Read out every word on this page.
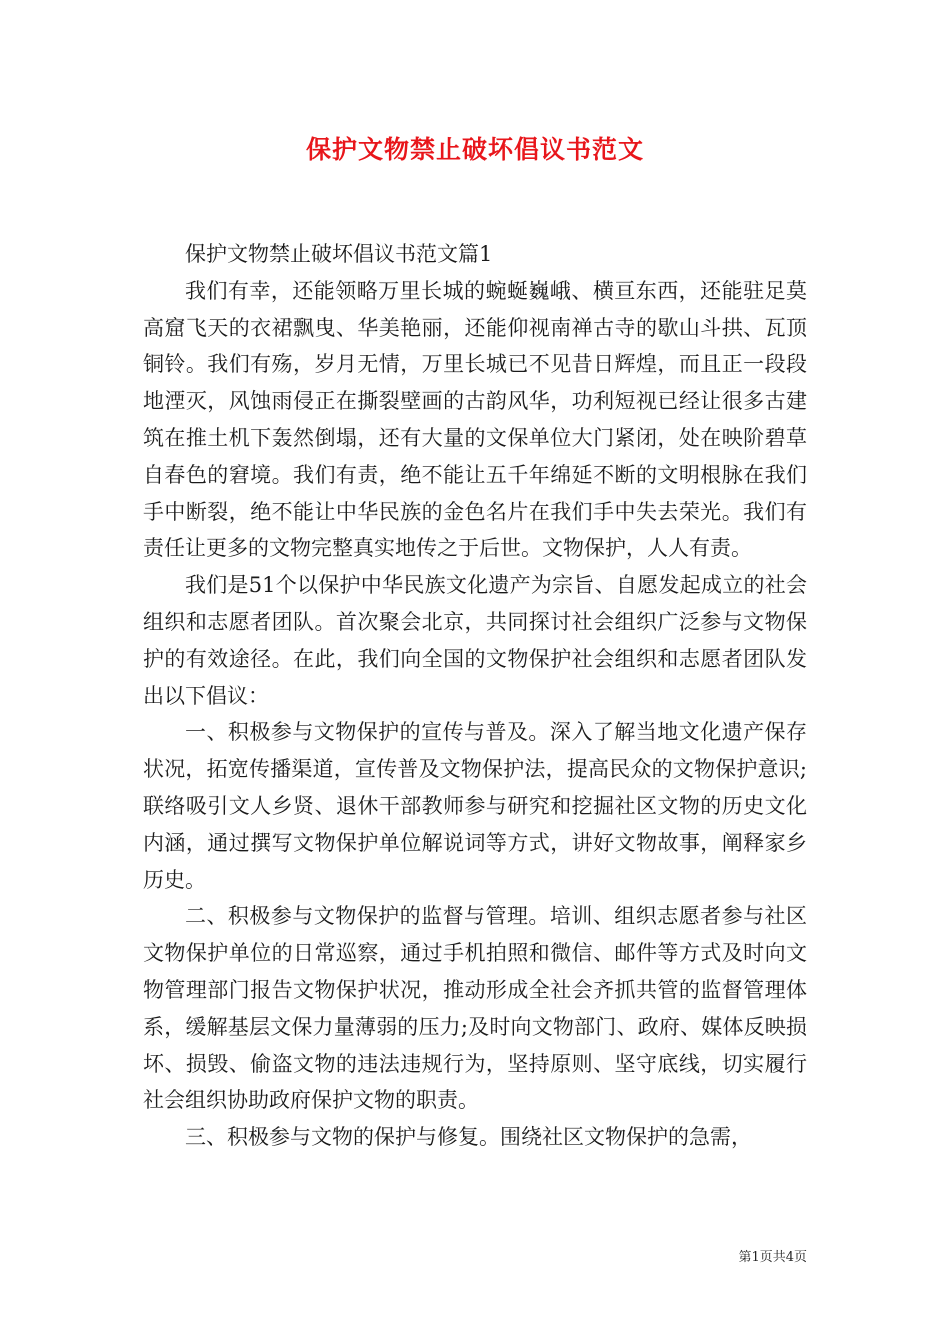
保护文物禁止破坏倡议书范文

保护文物禁止破坏倡议书范文篇1

我们有幸，还能领略万里长城的蜿蜒巍峨、横亘东西，还能驻足莫高窟飞天的衣裙飘曳、华美艳丽，还能仰视南禅古寺的歇山斗拱、瓦顶铜铃。我们有殇，岁月无情，万里长城已不见昔日辉煌，而且正一段段地湮灭，风蚀雨侵正在撕裂壁画的古韵风华，功利短视已经让很多古建筑在推土机下轰然倒塌，还有大量的文保单位大门紧闭，处在映阶碧草自春色的窘境。我们有责，绝不能让五千年绵延不断的文明根脉在我们手中断裂，绝不能让中华民族的金色名片在我们手中失去荣光。我们有责任让更多的文物完整真实地传之于后世。文物保护，人人有责。

我们是51个以保护中华民族文化遗产为宗旨、自愿发起成立的社会组织和志愿者团队。首次聚会北京，共同探讨社会组织广泛参与文物保护的有效途径。在此，我们向全国的文物保护社会组织和志愿者团队发出以下倡议：

一、积极参与文物保护的宣传与普及。深入了解当地文化遗产保存状况，拓宽传播渠道，宣传普及文物保护法，提高民众的文物保护意识;联络吸引文人乡贤、退休干部教师参与研究和挖掘社区文物的历史文化内涵，通过撰写文物保护单位解说词等方式，讲好文物故事，阐释家乡历史。

二、积极参与文物保护的监督与管理。培训、组织志愿者参与社区文物保护单位的日常巡察，通过手机拍照和微信、邮件等方式及时向文物管理部门报告文物保护状况，推动形成全社会齐抓共管的监督管理体系，缓解基层文保力量薄弱的压力;及时向文物部门、政府、媒体反映损坏、损毁、偷盗文物的违法违规行为，坚持原则、坚守底线，切实履行社会组织协助政府保护文物的职责。

三、积极参与文物的保护与修复。围绕社区文物保护的急需，

第1页共4页
